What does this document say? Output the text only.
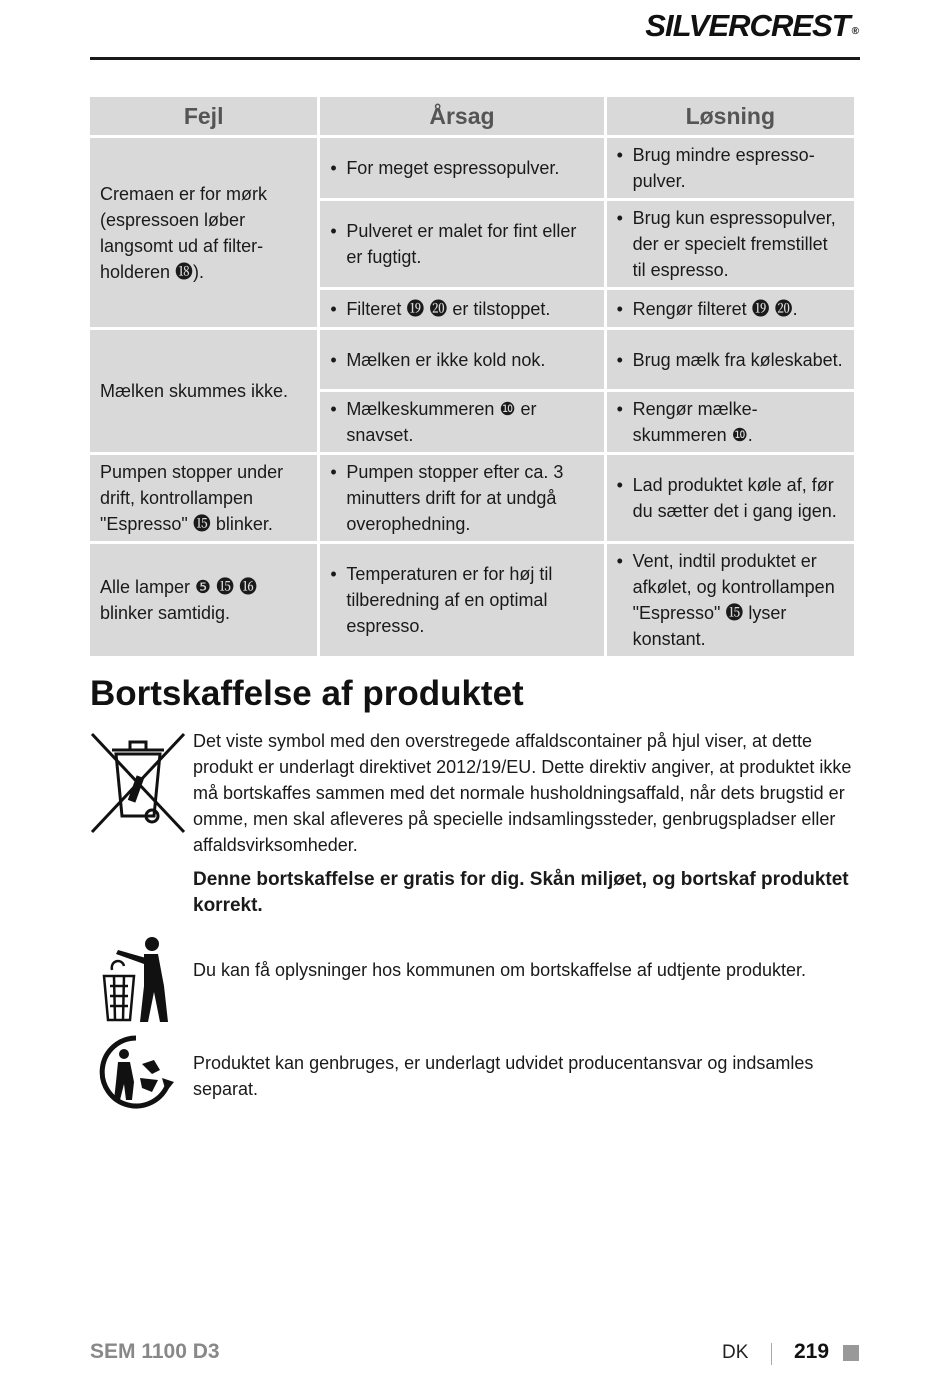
SILVERCREST ®
Fejl	Årsag	Løsning
Cremaen er for mørk (espressoen løber langsomt ud af filterholderen ⓲).	• For meget espressopulver.	• Brug mindre espressopulver.

	• Pulveret er malet for fint eller er fugtigt.	• Brug kun espressopulver, der er specielt fremstillet til espresso.

	• Filteret ⓳ ⓴ er tilstoppet.	• Rengør filteret ⓳ ⓴.

Mælken skummes ikke.	• Mælken er ikke kold nok.	• Brug mælk fra køleskabet.

	• Mælkeskummeren ❿ er snavset.	• Rengør mælkeskummeren ❿.

Pumpen stopper under drift, kontrollampen "Espresso" ⓯ blinker.	• Pumpen stopper efter ca. 3 minutters drift for at undgå overophedning.	• Lad produktet køle af, før du sætter det i gang igen.

Alle lamper ❺ ⓯ ⓰ blinker samtidig.	• Temperaturen er for høj til tilberedning af en optimal espresso.	• Vent, indtil produktet er afkølet, og kontrollampen "Espresso" ⓯ lyser konstant.
Bortskaffelse af produktet
Det viste symbol med den overstregede affaldscontainer på hjul viser, at dette produkt er underlagt direktivet 2012/19/EU. Dette direktiv angiver, at produktet ikke må bortskaffes sammen med det normale husholdningsaffald, når dets brugstid er omme, men skal afleveres på specielle indsamlingssteder, genbrugspladser eller affaldsvirksomheder.
Denne bortskaffelse er gratis for dig. Skån miljøet, og bortskaf produktet korrekt.
Du kan få oplysninger hos kommunen om bortskaffelse af udtjente produkter.
Produktet kan genbruges, er underlagt udvidet producentansvar og indsamles separat.
SEM 1100 D3	DK 219
